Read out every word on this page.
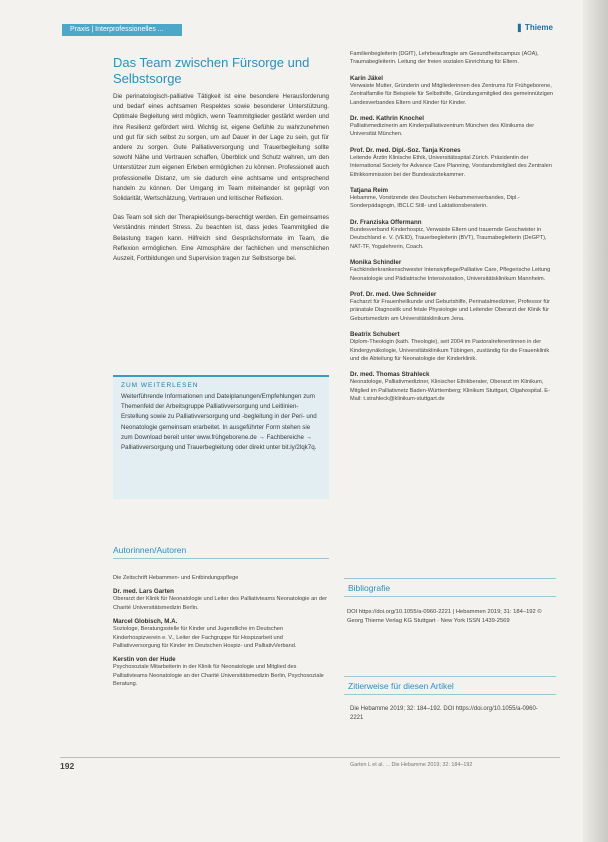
Praxis | Interprofessionelles ...	❚ Thieme
Das Team zwischen Fürsorge und Selbstsorge

Die perinatologisch-palliative Tätigkeit ist eine besondere Herausforderung und bedarf eines achtsamen Respektes sowie besonderer Unterstützung. Optimale Begleitung wird möglich, wenn Teammitglieder gestärkt werden und ihre Resilienz gefördert wird. Wichtig ist, eigene Gefühle zu wahrzunehmen und gut für sich selbst zu sorgen, um auf Dauer in der Lage zu sein, gut für andere zu sorgen. Gute Palliativversorgung und Trauerbegleitung sollte sowohl Nähe und Vertrauen schaffen, Überblick und Schutz wahren, um den Unterstützer zum eigenen Erleben ermöglichen zu können. Professionell auch professionelle Distanz, um sie dadurch eine achtsame und entsprechend handeln zu können. Der Umgang im Team miteinander ist geprägt von Solidarität, Wertschätzung, Vertrauen und kritischer Reflexion.

Das Team soll sich der Therapielösungs-berechtigt werden. Ein gemeinsames Verständnis mindert Stress. Zu beachten ist, dass jedes Teammitglied die Belastung tragen kann. Hilfreich sind Gesprächsformate im Team, die Reflexion ermöglichen. Eine Atmosphäre der fachlichen und menschlichen Auszeit, Fortbildungen und Supervision tragen zur Selbstsorge bei.

ZUM WEITERLESEN
Weiterführende Informationen und Dateiplanungen/Empfehlungen zum Themenfeld der Arbeitsgruppe Palliativversorgung und Leitlinien-Erstellung sowie zu Palliativversorgung und -begleitung in der Peri- und Neonatologie gemeinsam erarbeitet. In ausgeführter Form stehen sie zum Download bereit unter www.frühgeborene.de → Fachbereiche → Palliativversorgung und Trauerbegleitung oder direkt unter bit.ly/2lqk7q.
Autorinnen/Autoren
Die Zeitschrift Hebammen- und Entbindungspflege
Dr. med. Lars Garten
Oberarzt der Klinik für Neonatologie und Leiter des Palliativteams Neonatologie an der Charité Universitätsmedizin Berlin.
Marcel Globisch, M.A.
Soziologe, Beratungsstelle für Kinder und Jugendliche im Deutschen Kinderhospizverein e. V., Leiter der Fachgruppe für Hospizarbeit und Palliativversorgung für Kinder im Deutschen Hospiz- und PalliativVerband.
Kerstin von der Hude
Psychosoziale Mitarbeiterin in der Klinik für Neonatologie und Mitglied des Palliativteams Neonatologie an der Charité Universitätsmedizin Berlin, Psychosoziale Beratung.
Familienbegleiterin (DGfT), Lehrbeauftragte am Gesundheitscampus (AOA), Traumabegleiterin. Leitung der freien sozialen Einrichtung für Eltern.
Karin Jäkel
Verwaiste Mutter, Gründerin und Mitgliederinnen des Zentrums für Frühgeborene, Zentralfamilie für Beispiele für Selbsthilfe, Gründungsmitglied des gemeinnützigen Landesverbandes Eltern und Kinder für Kinder.
Dr. med. Kathrin Knochel
Palliativmedizinerin am Kinderpalliativzentrum München des Klinikums der Universität München.
Prof. Dr. med. Dipl.-Soz. Tanja Krones
Leitende Ärztin Klinische Ethik, Universitätsspital Zürich. Präsidentin der International Society for Advance Care Planning, Vorstandsmitglied des Zentralen Ethikkommission bei der Bundesärztekammer.
Tatjana Reim
Hebamme, Vorsitzende des Deutschen Hebammenverbandes, Dipl.-Sonderpädagogin, IBCLC Still- und Laktationsberaterin.
Dr. Franziska Offermann
Bundesverband Kinderhospiz, Verwaiste Eltern und trauernde Geschwister in Deutschland e. V. (VEID), Trauerbegleiterin (BVT), Traumabegleiterin (DeGPT), NAT-TF, Yogalehrerin, Coach.
Monika Schindler
Fachkinderkrankenschwester Intensivpflege/Palliative Care, Pflegerische Leitung Neonatologie und Pädiatrische Intensivstation, Universitätsklinikum Mannheim.
Prof. Dr. med. Uwe Schneider
Facharzt für Frauenheilkunde und Geburtshilfe, Perinatalmediziner, Professor für pränatale Diagnostik und fetale Physiologie und Leitender Oberarzt der Klinik für Geburtsmedizin am Universitätsklinikum Jena.
Beatrix Schubert
Diplom-Theologin (kath. Theologie), seit 2004 im Pastoralreferentinnen in der Kindergynäkologie, Universitätsklinikum Tübingen, zuständig für die Frauenklinik und die Abteilung für Neonatologie der Kinderklinik.
Dr. med. Thomas Strahleck
Neonatologe, Palliativmediziner, Klinischer Ethikberater, Oberarzt im Klinikum, Mitglied im Palliativnetz Baden-Württemberg; Klinikum Stuttgart, Olgahospital. E-Mail: t.strahleck@klinikum-stuttgart.de
Bibliografie
DOI https://doi.org/10.1055/a-0960-2221 | Hebammen 2019; 31: 184–192 © Georg Thieme Verlag KG Stuttgart · New York ISSN 1439-2569
Zitierweise für diesen Artikel
Die Hebamme 2019; 32: 184–192. DOI https://doi.org/10.1055/a-0960-2221
192	Garten L et al. ... Die Hebamme 2019; 32: 184–192
